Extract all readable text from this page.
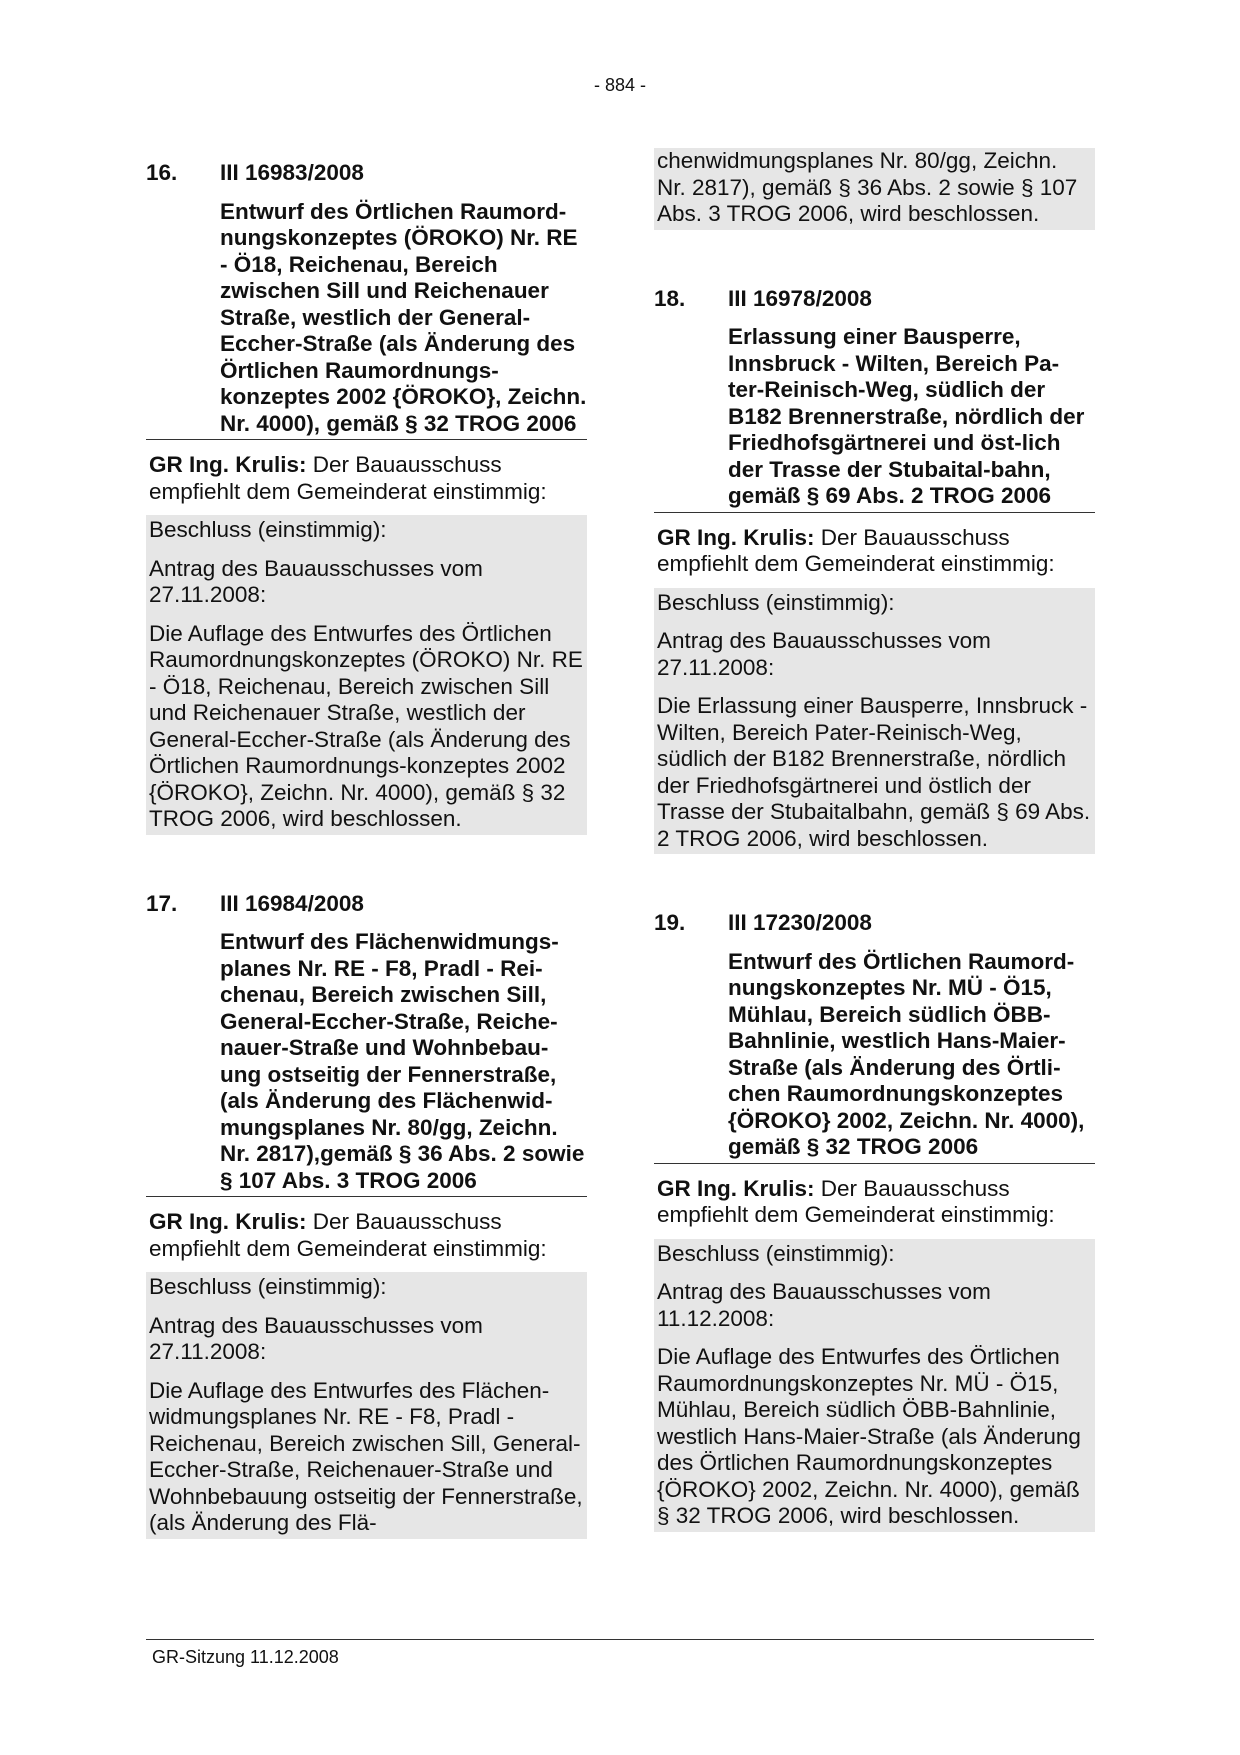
- 884 -
16.	III 16983/2008
Entwurf des Örtlichen Raumord-nungskonzeptes (ÖROKO) Nr. RE - Ö18, Reichenau, Bereich zwischen Sill und Reichenauer Straße, westlich der General-Eccher-Straße (als Änderung des Örtlichen Raumordnungs-konzeptes 2002 {ÖROKO}, Zeichn. Nr. 4000), gemäß § 32 TROG 2006
GR Ing. Krulis: Der Bauausschuss empfiehlt dem Gemeinderat einstimmig:

Beschluss (einstimmig):

Antrag des Bauausschusses vom 27.11.2008:

Die Auflage des Entwurfes des Örtlichen Raumordnungskonzeptes (ÖROKO) Nr. RE - Ö18, Reichenau, Bereich zwischen Sill und Reichenauer Straße, westlich der General-Eccher-Straße (als Änderung des Örtlichen Raumordnungs-konzeptes 2002 {ÖROKO}, Zeichn. Nr. 4000), gemäß § 32 TROG 2006, wird beschlossen.

17.	III 16984/2008
Entwurf des Flächenwidmungs-planes Nr. RE - F8, Pradl - Rei-chenau, Bereich zwischen Sill, General-Eccher-Straße, Reiche-nauer-Straße und Wohnbebau-ung ostseitig der Fennerstraße, (als Änderung des Flächenwid-mungsplanes Nr. 80/gg, Zeichn. Nr. 2817),gemäß § 36 Abs. 2 sowie § 107 Abs. 3 TROG 2006
GR Ing. Krulis: Der Bauausschuss empfiehlt dem Gemeinderat einstimmig:

Beschluss (einstimmig):

Antrag des Bauausschusses vom 27.11.2008:

Die Auflage des Entwurfes des Flächen-widmungsplanes Nr. RE - F8, Pradl - Reichenau, Bereich zwischen Sill, General-Eccher-Straße, Reichenauer-Straße und Wohnbebauung ostseitig der Fennerstraße, (als Änderung des Flä-

chenwidmungsplanes Nr. 80/gg, Zeichn. Nr. 2817), gemäß § 36 Abs. 2 sowie § 107 Abs. 3 TROG 2006, wird beschlossen.
18.	III 16978/2008
Erlassung einer Bausperre, Innsbruck - Wilten, Bereich Pa-ter-Reinisch-Weg, südlich der B182 Brennerstraße, nördlich der Friedhofsgärtnerei und öst-lich der Trasse der Stubaital-bahn, gemäß § 69 Abs. 2 TROG 2006
GR Ing. Krulis: Der Bauausschuss empfiehlt dem Gemeinderat einstimmig:

Beschluss (einstimmig):

Antrag des Bauausschusses vom 27.11.2008:

Die Erlassung einer Bausperre, Innsbruck - Wilten, Bereich Pater-Reinisch-Weg, südlich der B182 Brennerstraße, nördlich der Friedhofsgärtnerei und östlich der Trasse der Stubaitalbahn, gemäß § 69 Abs. 2 TROG 2006, wird beschlossen.

19.	III 17230/2008
Entwurf des Örtlichen Raumord-nungskonzeptes Nr. MÜ - Ö15, Mühlau, Bereich südlich ÖBB-Bahnlinie, westlich Hans-Maier-Straße (als Änderung des Örtli-chen Raumordnungskonzeptes {ÖROKO} 2002, Zeichn. Nr. 4000), gemäß § 32 TROG 2006
GR Ing. Krulis: Der Bauausschuss empfiehlt dem Gemeinderat einstimmig:

Beschluss (einstimmig):

Antrag des Bauausschusses vom 11.12.2008:

Die Auflage des Entwurfes des Örtlichen Raumordnungskonzeptes Nr. MÜ - Ö15, Mühlau, Bereich südlich ÖBB-Bahnlinie, westlich Hans-Maier-Straße (als Änderung des Örtlichen Raumordnungskonzeptes {ÖROKO} 2002, Zeichn. Nr. 4000), gemäß § 32 TROG 2006, wird beschlossen.

GR-Sitzung 11.12.2008
